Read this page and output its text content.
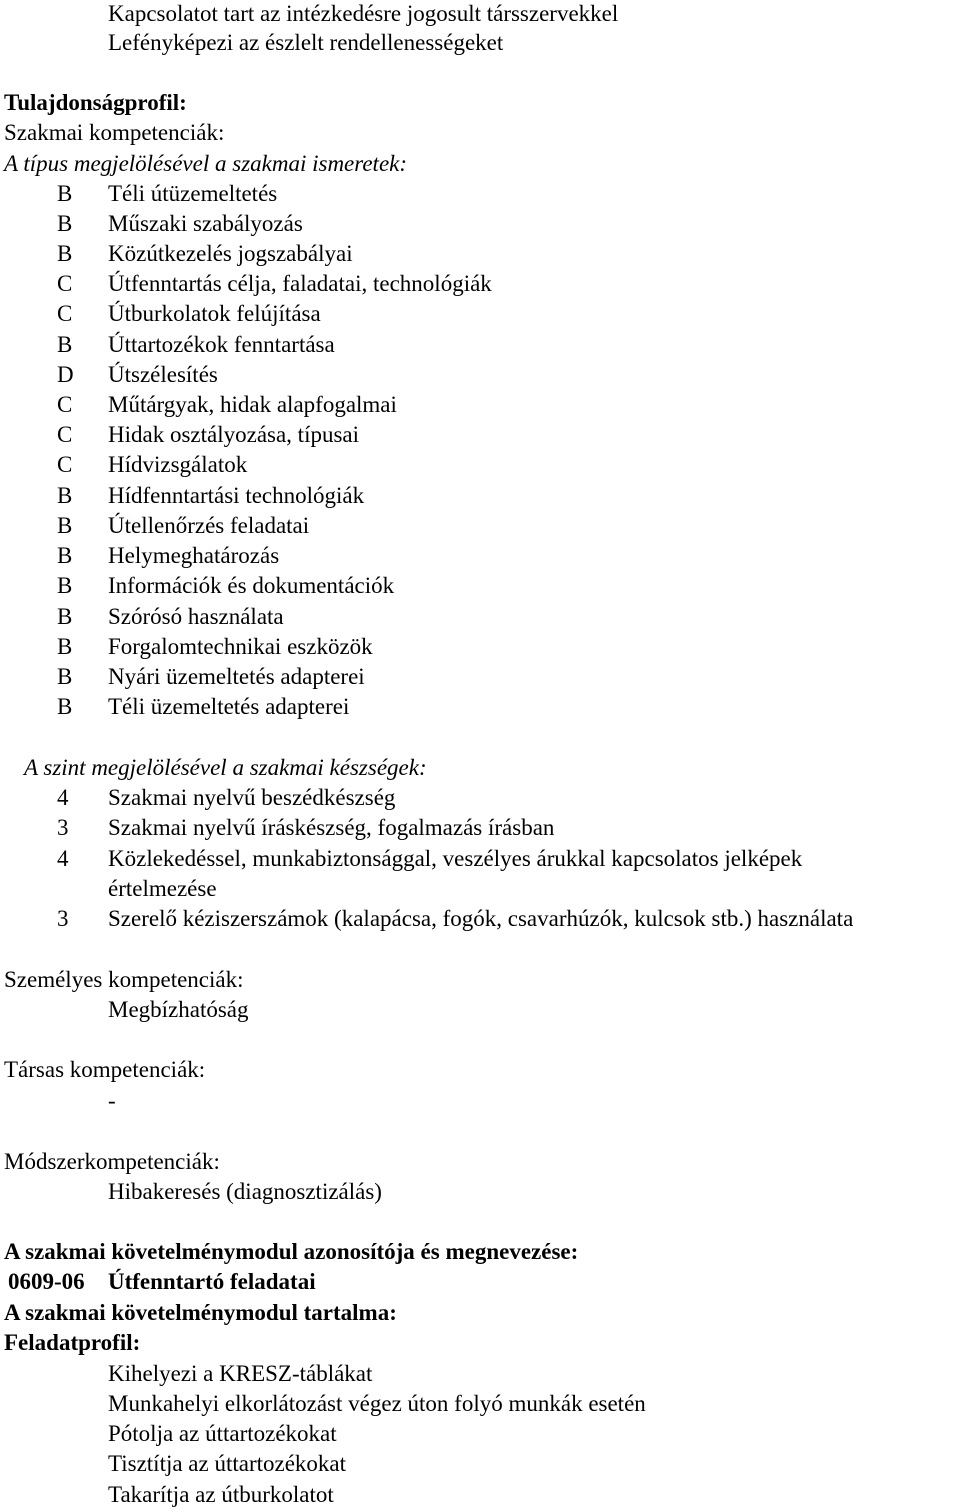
Kapcsolatot tart az intézkedésre jogosult társszervekkel
Lefényképezi az észlelt rendellenességeket
Tulajdonságprofil:
Szakmai kompetenciák:
A típus megjelölésével a szakmai ismeretek:
B	Téli útüzemeltetés
B	Műszaki szabályozás
B	Közútkezelés jogszabályai
C	Útfenntartás célja, faladatai, technológiák
C	Útburkolatok felújítása
B	Úttartozékok fenntartása
D	Útszélesítés
C	Műtárgyak, hidak alapfogalmai
C	Hidak osztályozása, típusai
C	Hídvizsgálatok
B	Hídfenntartási technológiák
B	Útellenőrzés feladatai
B	Helymeghatározás
B	Információk és dokumentációk
B	Szórósó használata
B	Forgalomtechnikai eszközök
B	Nyári üzemeltetés adapterei
B	Téli üzemeltetés adapterei
A szint megjelölésével a szakmai készségek:
4	Szakmai nyelvű beszédkészség
3	Szakmai nyelvű íráskészség, fogalmazás írásban
4	Közlekedéssel, munkabiztonsággal, veszélyes árukkal kapcsolatos jelképek
értelmezése
3	Szerelő kéziszerszámok (kalapácsa, fogók, csavarhúzók, kulcsok stb.) használata
Személyes kompetenciák:
Megbízhatóság
Társas kompetenciák:
-
Módszerkompetenciák:
Hibakeresés (diagnosztizálás)
A szakmai követelménymodul azonosítója és megnevezése:
0609-06 Útfenntartó feladatai
A szakmai követelménymodul tartalma:
Feladatprofil:
Kihelyezi a KRESZ-táblákat
Munkahelyi elkorlátozást végez úton folyó munkák esetén
Pótolja az úttartozékokat
Tisztítja az úttartozékokat
Takarítja az útburkolatot
